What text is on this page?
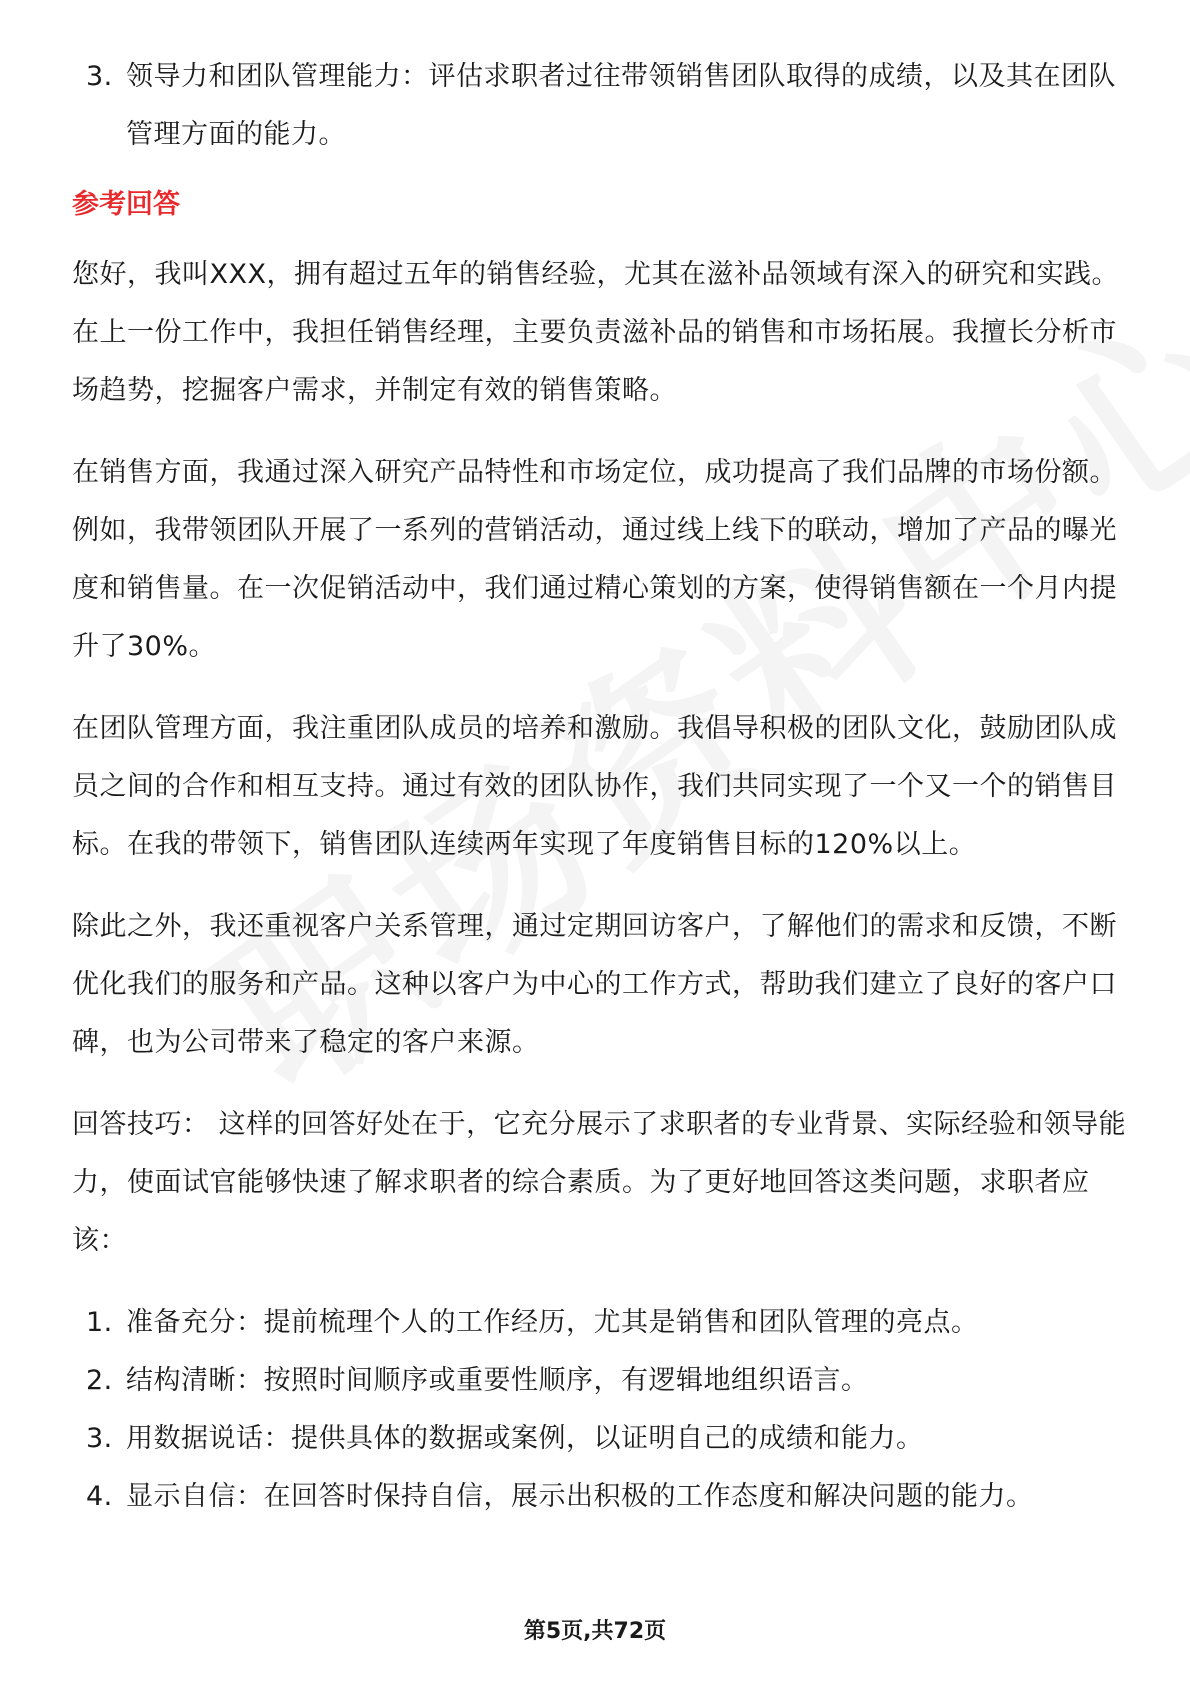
3. 领导力和团队管理能力：评估求职者过往带领销售团队取得的成绩，以及其在团队管理方面的能力。

参考回答

您好，我叫XXX，拥有超过五年的销售经验，尤其在滋补品领域有深入的研究和实践。在上一份工作中，我担任销售经理，主要负责滋补品的销售和市场拓展。我擅长分析市场趋势，挖掘客户需求，并制定有效的销售策略。

在销售方面，我通过深入研究产品特性和市场定位，成功提高了我们品牌的市场份额。例如，我带领团队开展了一系列的营销活动，通过线上线下的联动，增加了产品的曝光度和销售量。在一次促销活动中，我们通过精心策划的方案，使得销售额在一个月内提升了30%。

在团队管理方面，我注重团队成员的培养和激励。我倡导积极的团队文化，鼓励团队成员之间的合作和相互支持。通过有效的团队协作，我们共同实现了一个又一个的销售目标。在我的带领下，销售团队连续两年实现了年度销售目标的120%以上。

除此之外，我还重视客户关系管理，通过定期回访客户，了解他们的需求和反馈，不断优化我们的服务和产品。这种以客户为中心的工作方式，帮助我们建立了良好的客户口碑，也为公司带来了稳定的客户来源。

回答技巧： 这样的回答好处在于，它充分展示了求职者的专业背景、实际经验和领导能力，使面试官能够快速了解求职者的综合素质。为了更好地回答这类问题，求职者应该：

1. 准备充分：提前梳理个人的工作经历，尤其是销售和团队管理的亮点。
2. 结构清晰：按照时间顺序或重要性顺序，有逻辑地组织语言。
3. 用数据说话：提供具体的数据或案例，以证明自己的成绩和能力。
4. 显示自信：在回答时保持自信，展示出积极的工作态度和解决问题的能力。
第5页,共72页
